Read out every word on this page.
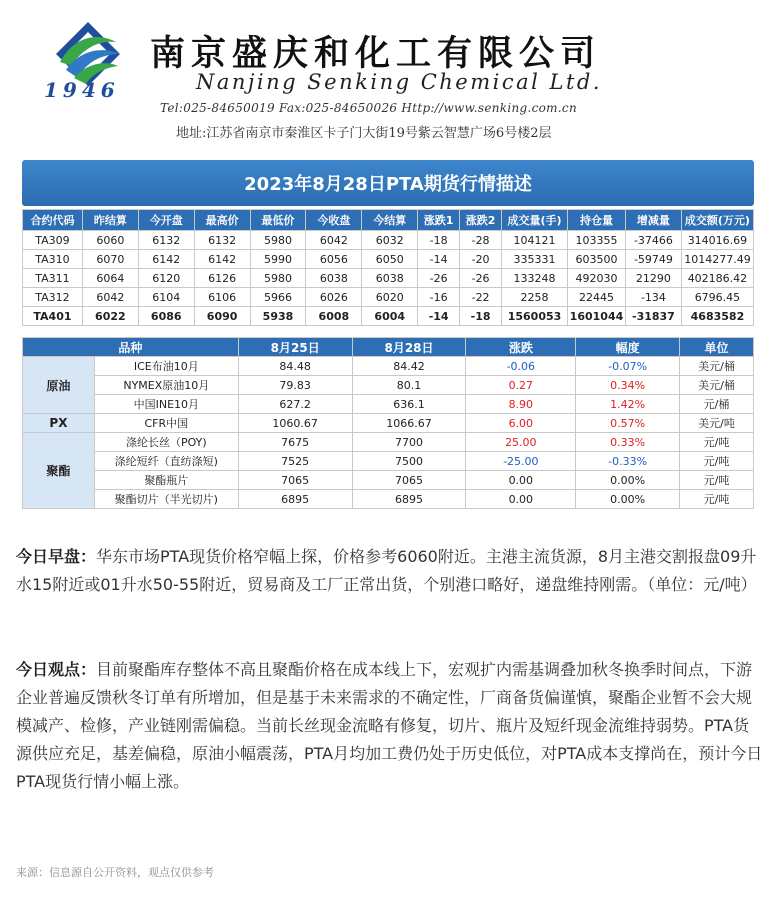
1946
南京盛庆和化工有限公司
Nanjing Senking Chemical Ltd.
Tel:025-84650019 Fax:025-84650026 Http://www.senking.com.cn
地址:江苏省南京市秦淮区卡子门大街19号紫云智慧广场6号楼2层
2023年8月28日PTA期货行情描述
合约代码	昨结算	今开盘	最高价	最低价	今收盘	今结算	涨跌1	涨跌2	成交量(手)	持仓量	增减量	成交额(万元)
TA309	6060	6132	6132	5980	6042	6032	-18	-28	104121	103355	-37466	314016.69
TA310	6070	6142	6142	5990	6056	6050	-14	-20	335331	603500	-59749	1014277.49
TA311	6064	6120	6126	5980	6038	6038	-26	-26	133248	492030	21290	402186.42
TA312	6042	6104	6106	5966	6026	6020	-16	-22	2258	22445	-134	6796.45
TA401	6022	6086	6090	5938	6008	6004	-14	-18	1560053	1601044	-31837	4683582
品种		8月25日	8月28日	涨跌	幅度	单位
原油	ICE布油10月	84.48	84.42	-0.06	-0.07%	美元/桶
	NYMEX原油10月	79.83	80.1	0.27	0.34%	美元/桶
	中国INE10月	627.2	636.1	8.90	1.42%	元/桶
PX	CFR中国	1060.67	1066.67	6.00	0.57%	美元/吨
聚酯	涤纶长丝（POY)	7675	7700	25.00	0.33%	元/吨
	涤纶短纤（直纺涤短)	7525	7500	-25.00	-0.33%	元/吨
	聚酯瓶片	7065	7065	0.00	0.00%	元/吨
	聚酯切片（半光切片)	6895	6895	0.00	0.00%	元/吨
今日早盘：华东市场PTA现货价格窄幅上探，价格参考6060附近。主港主流货源，8月主港交割报盘09升水15附近或01升水50-55附近，贸易商及工厂正常出货，个别港口略好，递盘维持刚需。（单位：元/吨）
今日观点：目前聚酯库存整体不高且聚酯价格在成本线上下，宏观扩内需基调叠加秋冬换季时间点，下游企业普遍反馈秋冬订单有所增加，但是基于未来需求的不确定性，厂商备货偏谨慎，聚酯企业暂不会大规模减产、检修，产业链刚需偏稳。当前长丝现金流略有修复，切片、瓶片及短纤现金流维持弱势。PTA货源供应充足，基差偏稳，原油小幅震荡，PTA月均加工费仍处于历史低位，对PTA成本支撑尚在，预计今日PTA现货行情小幅上涨。
来源：信息源自公开资料，观点仅供参考
